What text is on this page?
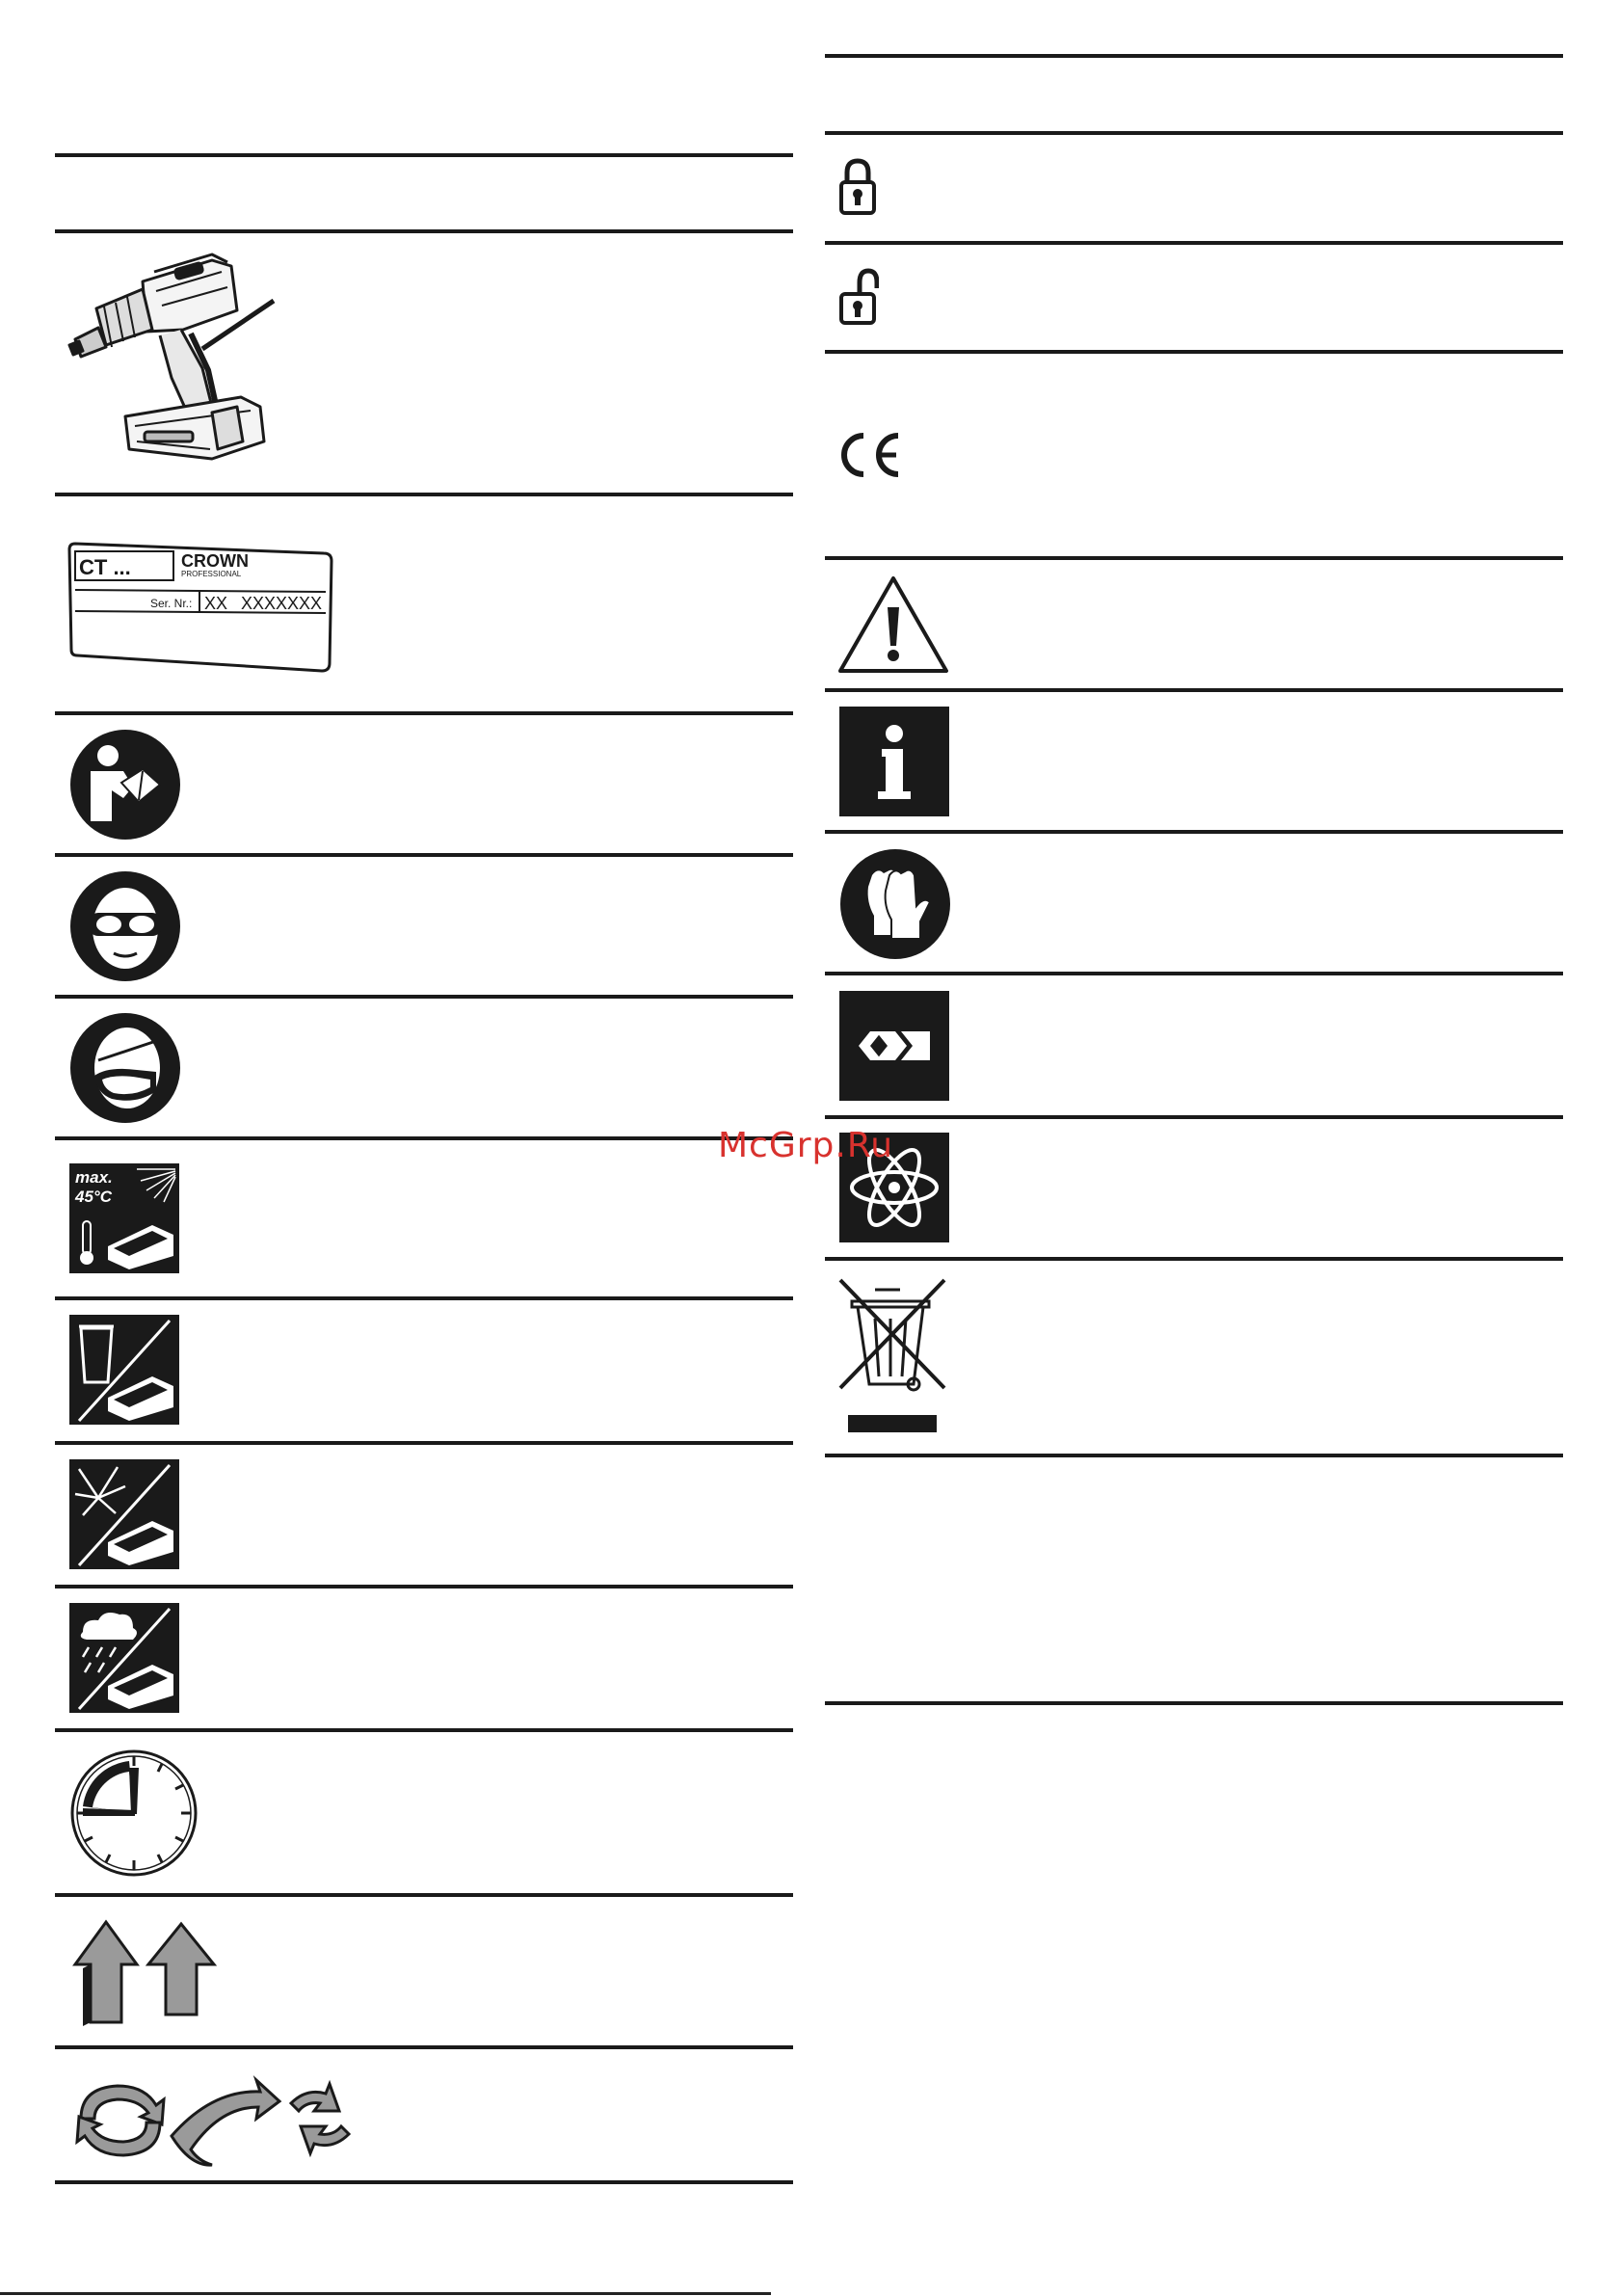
CT ...	CROWN
PROFESSIONAL
Ser. Nr.: XX XXXXXXX
max.
45°C
McGrp.Ru
